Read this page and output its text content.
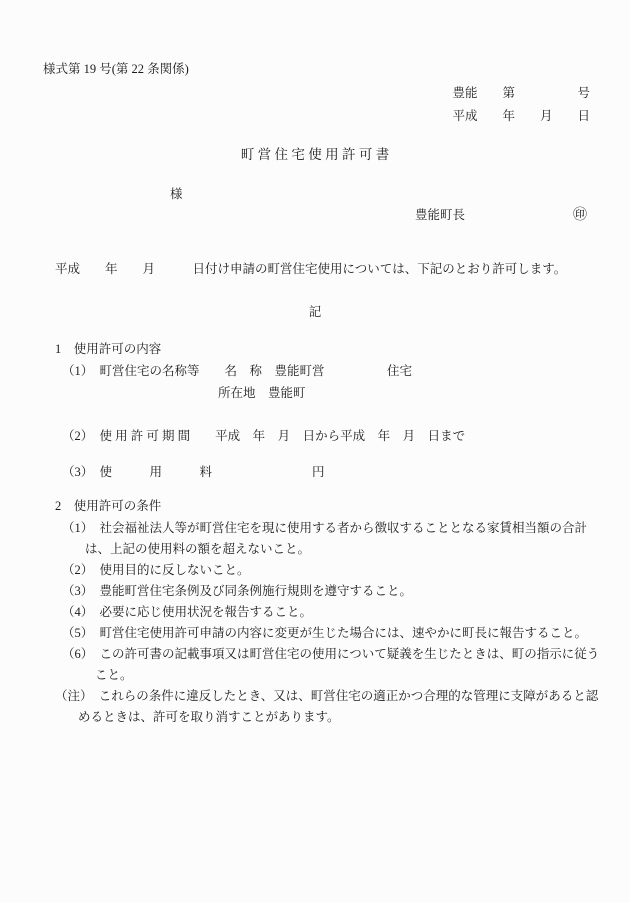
様式第 19 号(第 22 条関係)
豊能　　第　　　　　号
平成　　年　　月　　日
町 営 住 宅 使 用 許 可 書
様
豊能町長	㊞
平成　　年　　月　　　日付け申請の町営住宅使用については、下記のとおり許可します。
記
1　使用許可の内容
（1）　町営住宅の名称等　　名　称　豊能町営　　　　　住宅
所在地　豊能町
（2）　使 用 許 可 期 間　　平成　年　月　日から平成　年　月　日まで
（3）　使　　　用　　　料　　　　　　　　円
2　使用許可の条件
（1）　社会福祉法人等が町営住宅を現に使用する者から徴収することとなる家賃相当額の合計
は、上記の使用料の額を超えないこと。
（2）　使用目的に反しないこと。
（3）　豊能町営住宅条例及び同条例施行規則を遵守すること。
（4）　必要に応じ使用状況を報告すること。
（5）　町営住宅使用許可申請の内容に変更が生じた場合には、速やかに町長に報告すること。
（6）　この許可書の記載事項又は町営住宅の使用について疑義を生じたときは、町の指示に従う
こと。
（注）　これらの条件に違反したとき、又は、町営住宅の適正かつ合理的な管理に支障があると認
めるときは、許可を取り消すことがあります。
